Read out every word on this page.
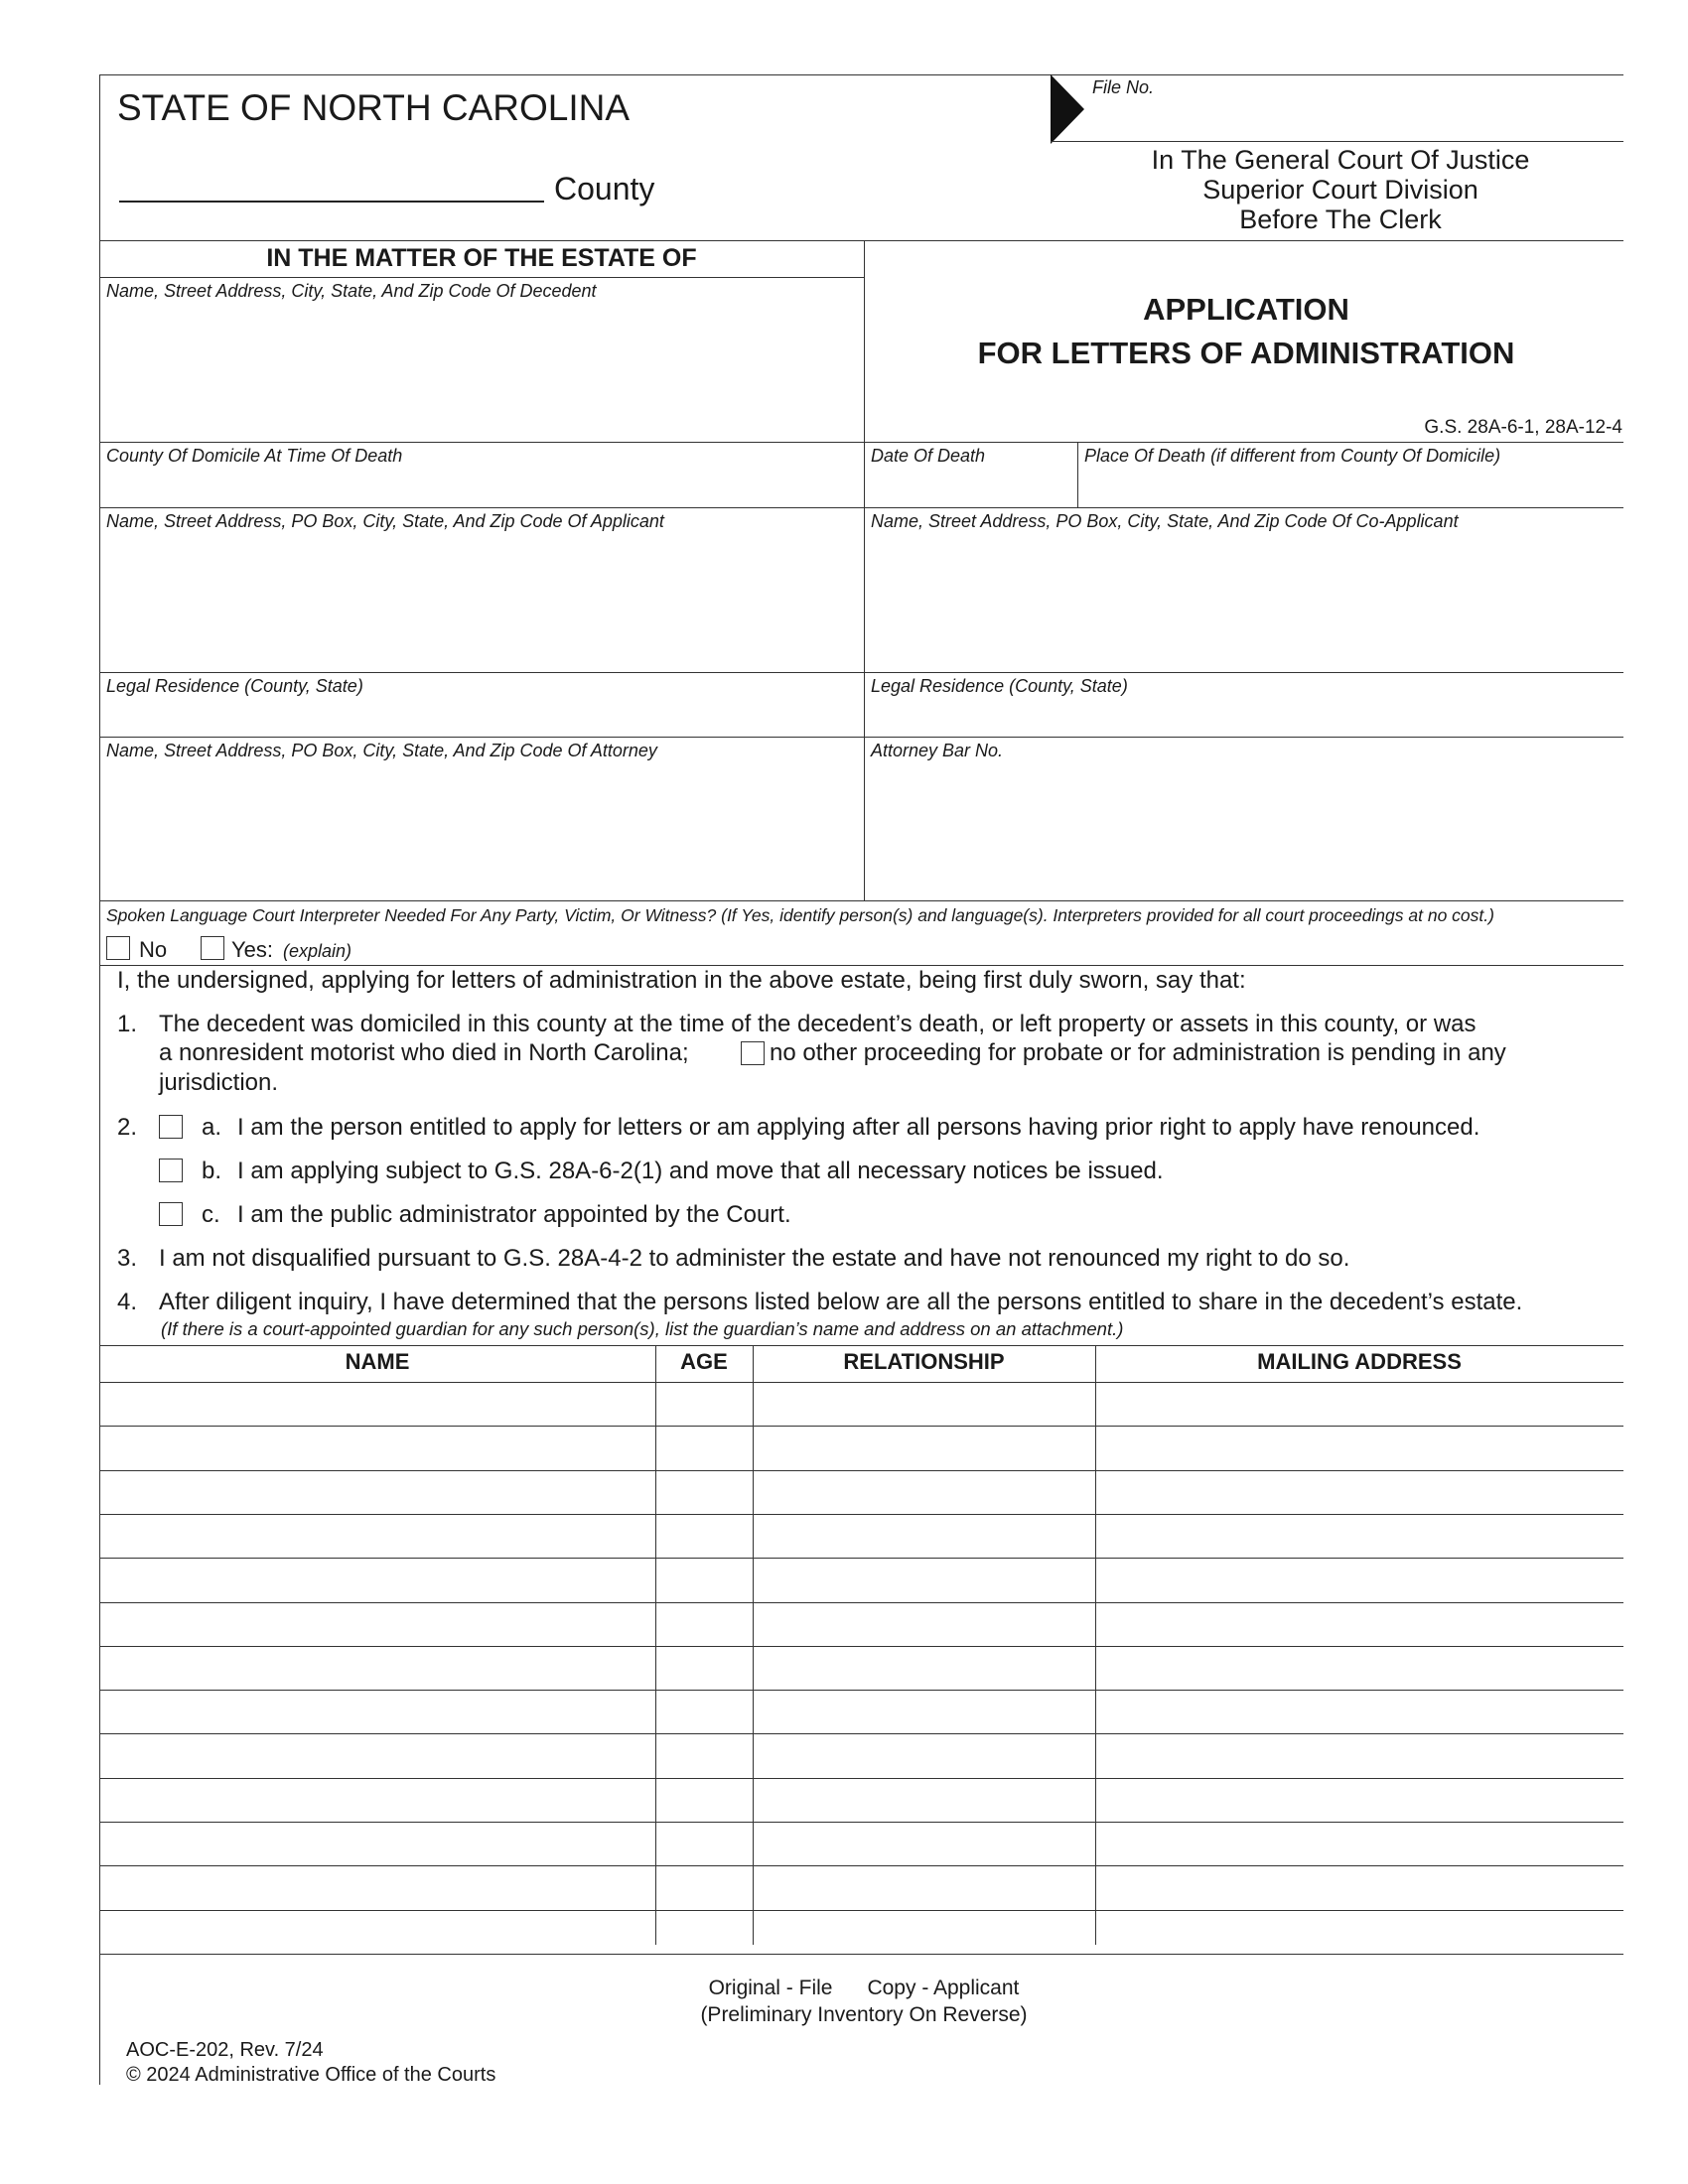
STATE OF NORTH CAROLINA
County
File No.
In The General Court Of Justice
Superior Court Division
Before The Clerk
IN THE MATTER OF THE ESTATE OF
Name, Street Address, City, State, And Zip Code Of Decedent
APPLICATION
FOR LETTERS OF ADMINISTRATION
G.S. 28A-6-1, 28A-12-4
County Of Domicile At Time Of Death	Date Of Death	Place Of Death (if different from County Of Domicile)
Name, Street Address, PO Box, City, State, And Zip Code Of Applicant	Name, Street Address, PO Box, City, State, And Zip Code Of Co-Applicant
Legal Residence (County, State)	Legal Residence (County, State)
Name, Street Address, PO Box, City, State, And Zip Code Of Attorney	Attorney Bar No.
Spoken Language Court Interpreter Needed For Any Party, Victim, Or Witness? (If Yes, identify person(s) and language(s). Interpreters provided for all court proceedings at no cost.)
No	Yes: (explain)
I, the undersigned, applying for letters of administration in the above estate, being first duly sworn, say that:
1. The decedent was domiciled in this county at the time of the decedent’s death, or left property or assets in this county, or was
a nonresident motorist who died in North Carolina;	no other proceeding for probate or for administration is pending in any
jurisdiction.
2.	a. I am the person entitled to apply for letters or am applying after all persons having prior right to apply have renounced.
b. I am applying subject to G.S. 28A-6-2(1) and move that all necessary notices be issued.
c. I am the public administrator appointed by the Court.
3. I am not disqualified pursuant to G.S. 28A-4-2 to administer the estate and have not renounced my right to do so.
4. After diligent inquiry, I have determined that the persons listed below are all the persons entitled to share in the decedent’s estate.
(If there is a court-appointed guardian for any such person(s), list the guardian’s name and address on an attachment.)
NAME	AGE	RELATIONSHIP	MAILING ADDRESS
Original - File      Copy - Applicant
(Preliminary Inventory On Reverse)
AOC-E-202, Rev. 7/24
© 2024 Administrative Office of the Courts
